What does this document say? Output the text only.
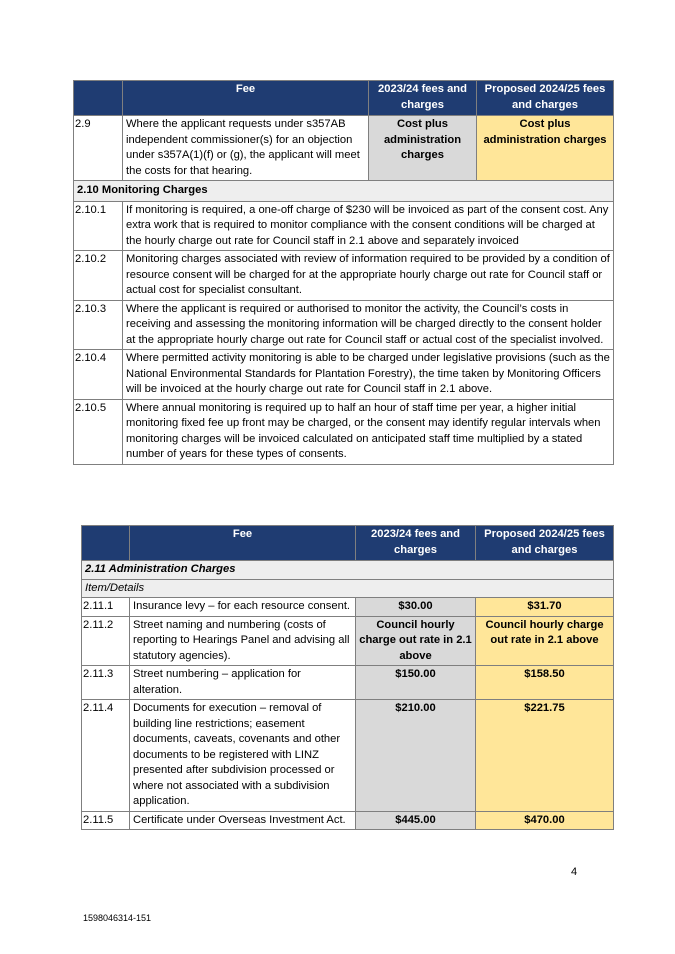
	Fee	2023/24 fees and charges	Proposed 2024/25 fees and charges
2.9	Where the applicant requests under s357AB independent commissioner(s) for an objection under s357A(1)(f) or (g), the applicant will meet the costs for that hearing.	Cost plus administration charges	Cost plus administration charges
2.10 Monitoring Charges			
2.10.1	If monitoring is required, a one-off charge of $230 will be invoiced as part of the consent cost. Any extra work that is required to monitor compliance with the consent conditions will be charged at the hourly charge out rate for Council staff in 2.1 above and separately invoiced		
2.10.2	Monitoring charges associated with review of information required to be provided by a condition of resource consent will be charged for at the appropriate hourly charge out rate for Council staff or actual cost for specialist consultant.		
2.10.3	Where the applicant is required or authorised to monitor the activity, the Council’s costs in receiving and assessing the monitoring information will be charged directly to the consent holder at the appropriate hourly charge out rate for Council staff or actual cost of the specialist involved.		
2.10.4	Where permitted activity monitoring is able to be charged under legislative provisions (such as the National Environmental Standards for Plantation Forestry), the time taken by Monitoring Officers will be invoiced at the hourly charge out rate for Council staff in 2.1 above.		
2.10.5	Where annual monitoring is required up to half an hour of staff time per year, a higher initial monitoring fixed fee up front may be charged, or the consent may identify regular intervals when monitoring charges will be invoiced calculated on anticipated staff time multiplied by a stated number of years for these types of consents.		
	Fee	2023/24 fees and charges	Proposed 2024/25 fees and charges
2.11 Administration Charges			
Item/Details			
2.11.1	Insurance levy – for each resource consent.	$30.00	$31.70
2.11.2	Street naming and numbering (costs of reporting to Hearings Panel and advising all statutory agencies).	Council hourly charge out rate in 2.1 above	Council hourly charge out rate in 2.1 above
2.11.3	Street numbering – application for alteration.	$150.00	$158.50
2.11.4	Documents for execution – removal of building line restrictions; easement documents, caveats, covenants and other documents to be registered with LINZ presented after subdivision processed or where not associated with a subdivision application.	$210.00	$221.75
2.11.5	Certificate under Overseas Investment Act.	$445.00	$470.00
4
1598046314-151
